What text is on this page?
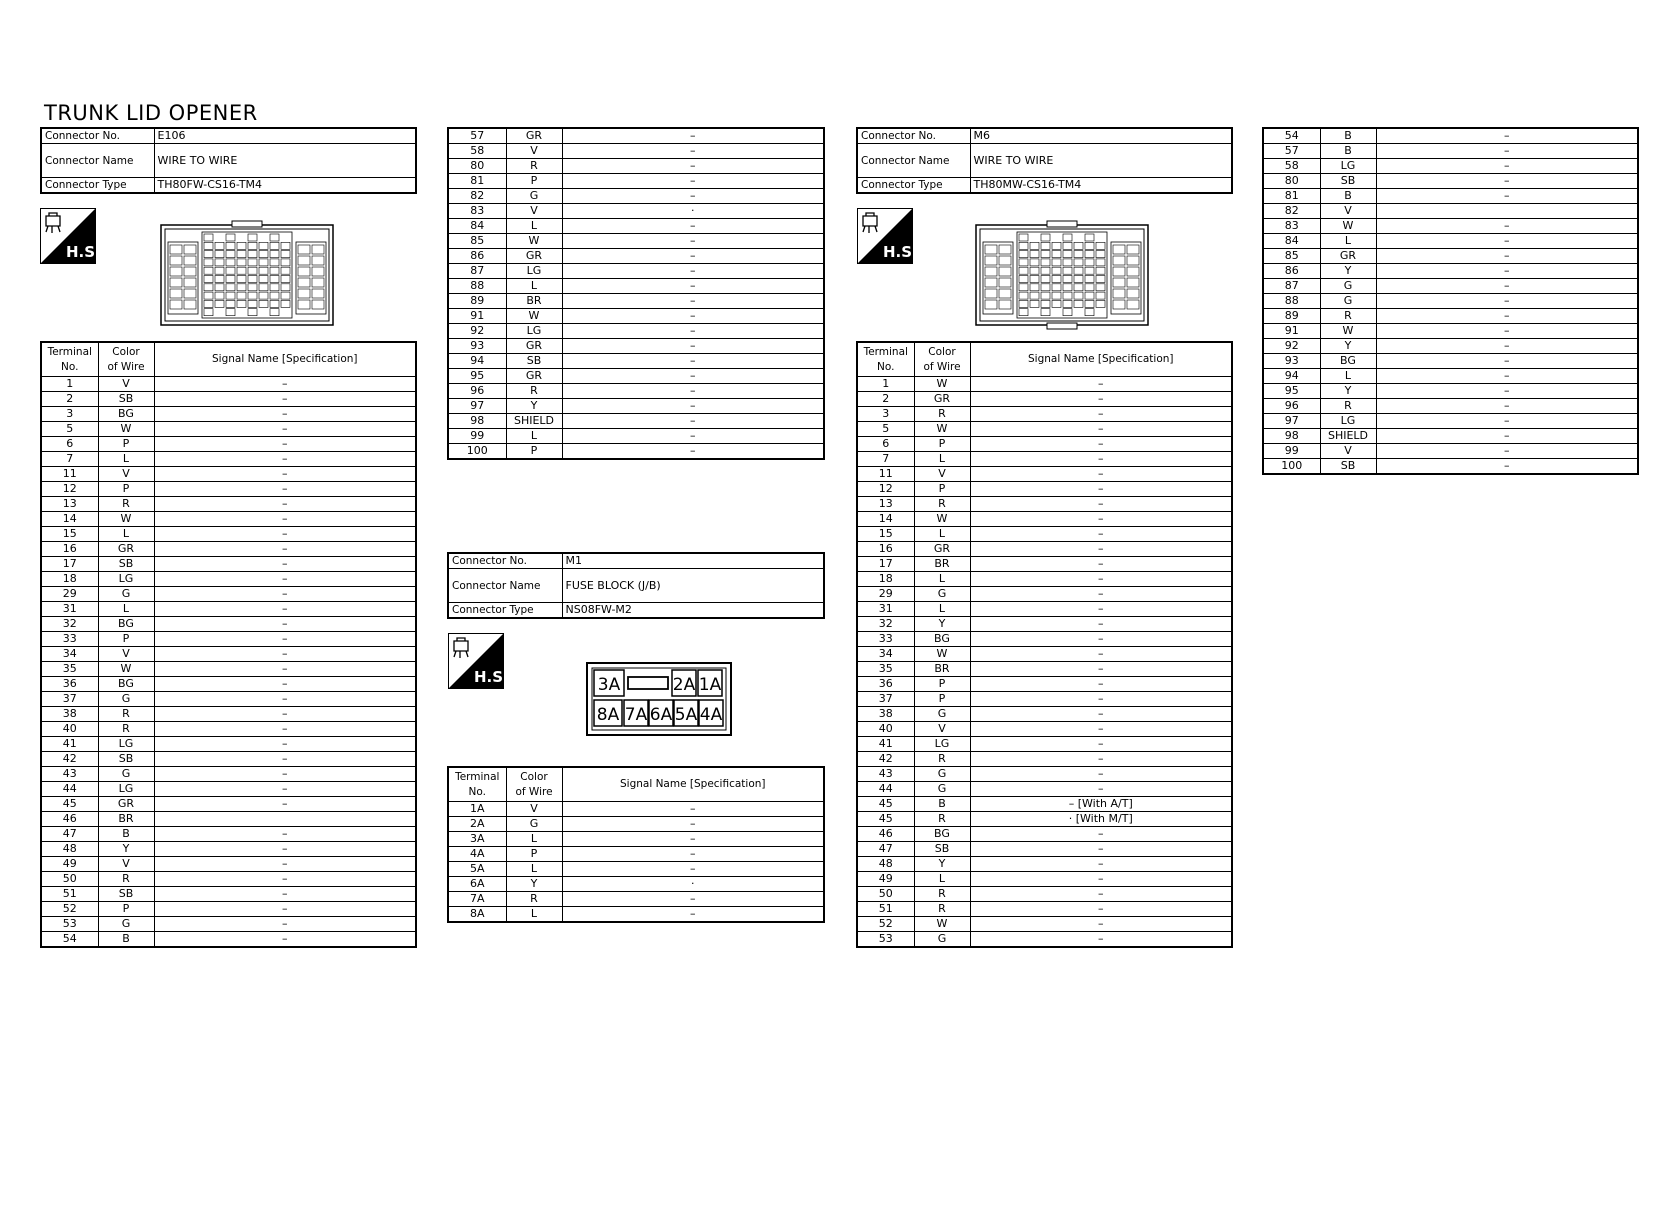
TRUNK LID OPENER
Connector No.	E106
Connector Name	WIRE TO WIRE
Connector Type	TH80FW-CS16-TM4
H.S.
Terminal
No.	Color
of Wire	Signal Name [Specification]
1	V	–
2	SB	–
3	BG	–
5	W	–
6	P	–
7	L	–
11	V	–
12	P	–
13	R	–
14	W	–
15	L	–
16	GR	–
17	SB	–
18	LG	–
29	G	–
31	L	–
32	BG	–
33	P	–
34	V	–
35	W	–
36	BG	–
37	G	–
38	R	–
40	R	–
41	LG	–
42	SB	–
43	G	–
44	LG	–
45	GR	–
46	BR	
47	B	–
48	Y	–
49	V	–
50	R	–
51	SB	–
52	P	–
53	G	–
54	B	–
57	GR	–
58	V	–
80	R	–
81	P	–
82	G	–
83	V	·
84	L	–
85	W	–
86	GR	–
87	LG	–
88	L	–
89	BR	–
91	W	–
92	LG	–
93	GR	–
94	SB	–
95	GR	–
96	R	–
97	Y	–
98	SHIELD	–
99	L	–
100	P	–
Connector No.	M1
Connector Name	FUSE BLOCK (J/B)
Connector Type	NS08FW-M2
H.S.	3A	2A 1A
8A 7A 6A 5A 4A
Terminal
No.	Color
of Wire	Signal Name [Specification]
1A	V	–
2A	G	–
3A	L	–
4A	P	–
5A	L	–
6A	Y	·
7A	R	–
8A	L	–
Connector No.	M6
Connector Name	WIRE TO WIRE
Connector Type	TH80MW-CS16-TM4
H.S.
Terminal
No.	Color
of Wire	Signal Name [Specification]
1	W	–
2	GR	–
3	R	–
5	W	–
6	P	–
7	L	–
11	V	–
12	P	–
13	R	–
14	W	–
15	L	–
16	GR	–
17	BR	–
18	L	–
29	G	–
31	L	–
32	Y	–
33	BG	–
34	W	–
35	BR	–
36	P	–
37	P	–
38	G	–
40	V	–
41	LG	–
42	R	–
43	G	–
44	G	–
45	B	– [With A/T]
45	R	· [With M/T]
46	BG	–
47	SB	–
48	Y	–
49	L	–
50	R	–
51	R	–
52	W	–
53	G	–
54	B	–
57	B	–
58	LG	–
80	SB	–
81	B	–
82	V	
83	W	–
84	L	–
85	GR	–
86	Y	–
87	G	–
88	G	–
89	R	–
91	W	–
92	Y	–
93	BG	–
94	L	–
95	Y	–
96	R	–
97	LG	–
98	SHIELD	–
99	V	–
100	SB	–
